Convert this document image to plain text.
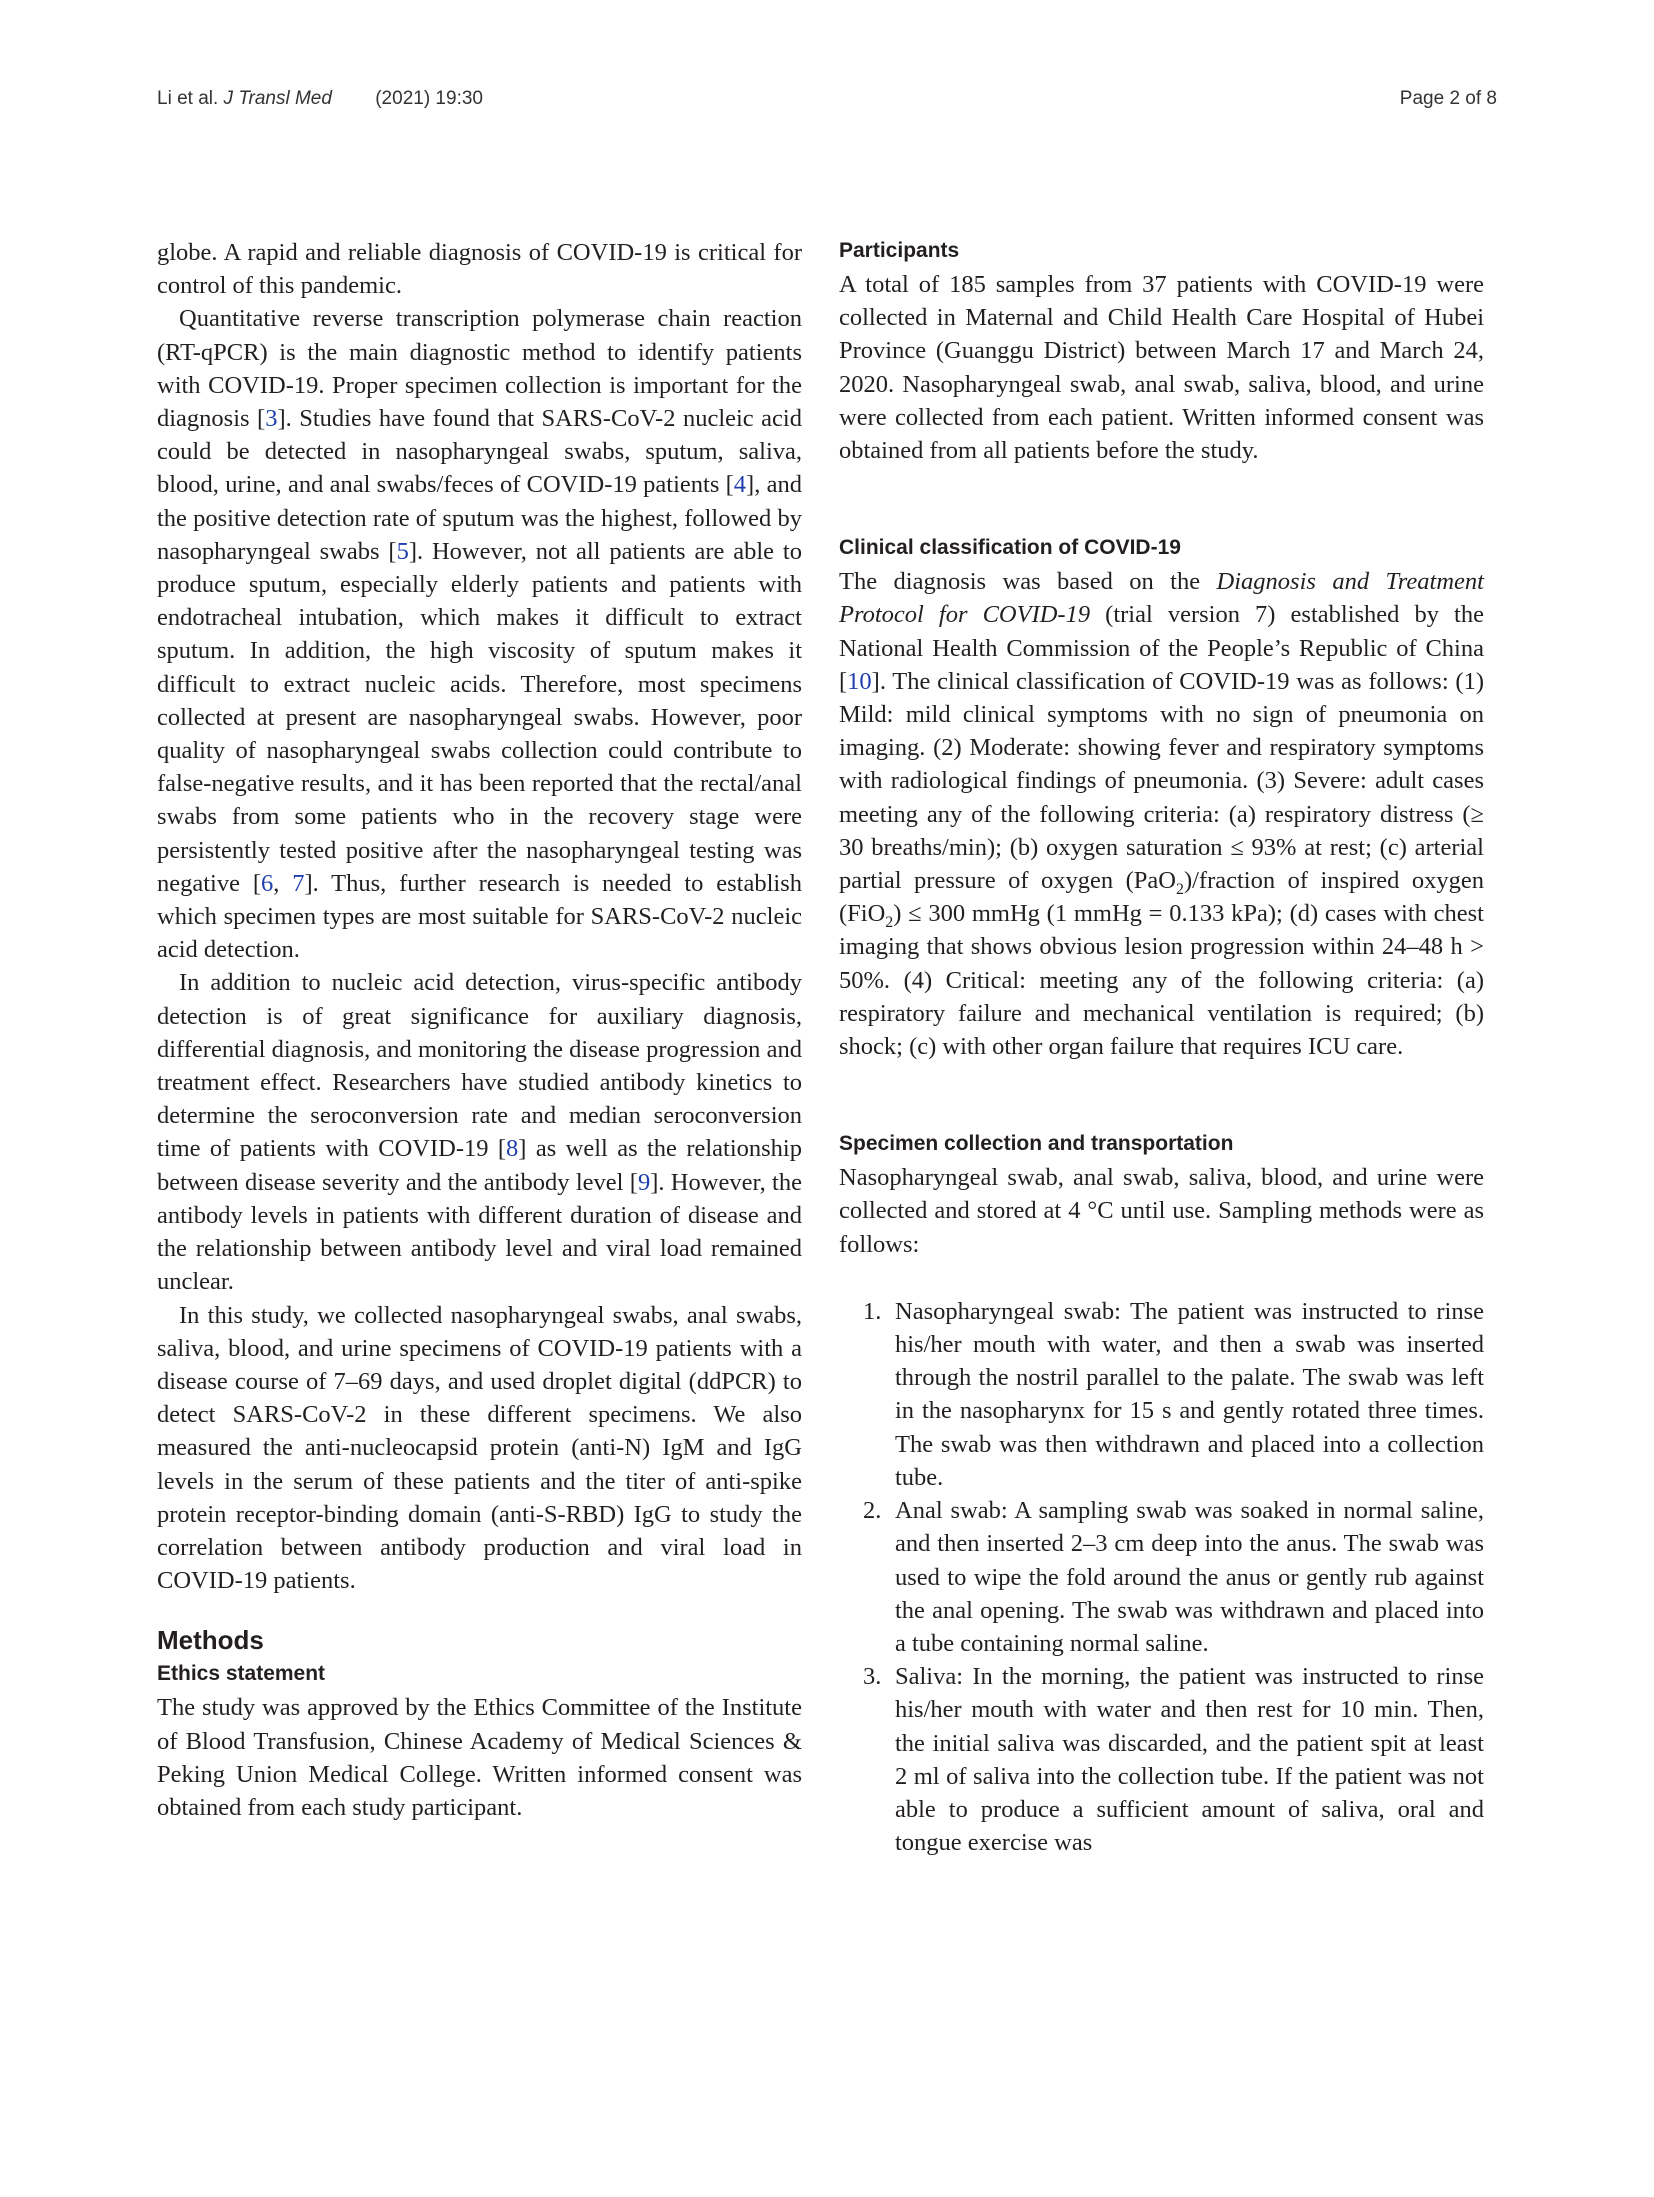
Li et al. J Transl Med (2021) 19:30	Page 2 of 8

globe. A rapid and reliable diagnosis of COVID-19 is critical for control of this pandemic.

Quantitative reverse transcription polymerase chain reaction (RT-qPCR) is the main diagnostic method to identify patients with COVID-19. Proper specimen collection is important for the diagnosis [3]. Studies have found that SARS-CoV-2 nucleic acid could be detected in nasopharyngeal swabs, sputum, saliva, blood, urine, and anal swabs/feces of COVID-19 patients [4], and the positive detection rate of sputum was the highest, followed by nasopharyngeal swabs [5]. However, not all patients are able to produce sputum, especially elderly patients and patients with endotracheal intubation, which makes it difficult to extract sputum. In addition, the high viscosity of sputum makes it difficult to extract nucleic acids. Therefore, most specimens collected at present are nasopharyngeal swabs. However, poor quality of nasopharyngeal swabs collection could contribute to false-negative results, and it has been reported that the rectal/anal swabs from some patients who in the recovery stage were persistently tested positive after the nasopharyngeal testing was negative [6, 7]. Thus, further research is needed to establish which specimen types are most suitable for SARS-CoV-2 nucleic acid detection.

In addition to nucleic acid detection, virus-specific antibody detection is of great significance for auxiliary diagnosis, differential diagnosis, and monitoring the disease progression and treatment effect. Researchers have studied antibody kinetics to determine the seroconversion rate and median seroconversion time of patients with COVID-19 [8] as well as the relationship between disease severity and the antibody level [9]. However, the antibody levels in patients with different duration of disease and the relationship between antibody level and viral load remained unclear.

In this study, we collected nasopharyngeal swabs, anal swabs, saliva, blood, and urine specimens of COVID-19 patients with a disease course of 7–69 days, and used droplet digital (ddPCR) to detect SARS-CoV-2 in these different specimens. We also measured the anti-nucleocapsid protein (anti-N) IgM and IgG levels in the serum of these patients and the titer of anti-spike protein receptor-binding domain (anti-S-RBD) IgG to study the correlation between antibody production and viral load in COVID-19 patients.

Methods
Ethics statement

The study was approved by the Ethics Committee of the Institute of Blood Transfusion, Chinese Academy of Medical Sciences & Peking Union Medical College. Written informed consent was obtained from each study participant.

Participants

A total of 185 samples from 37 patients with COVID-19 were collected in Maternal and Child Health Care Hospital of Hubei Province (Guanggu District) between March 17 and March 24, 2020. Nasopharyngeal swab, anal swab, saliva, blood, and urine were collected from each patient. Written informed consent was obtained from all patients before the study.

Clinical classification of COVID-19

The diagnosis was based on the Diagnosis and Treatment Protocol for COVID-19 (trial version 7) established by the National Health Commission of the People’s Republic of China [10]. The clinical classification of COVID-19 was as follows: (1) Mild: mild clinical symptoms with no sign of pneumonia on imaging. (2) Moderate: showing fever and respiratory symptoms with radiological findings of pneumonia. (3) Severe: adult cases meeting any of the following criteria: (a) respiratory distress (≥ 30 breaths/min); (b) oxygen saturation ≤ 93% at rest; (c) arterial partial pressure of oxygen (PaO$_2$)/fraction of inspired oxygen (FiO$_2$) ≤ 300 mmHg (1 mmHg = 0.133 kPa); (d) cases with chest imaging that shows obvious lesion progression within 24–48 h > 50%. (4) Critical: meeting any of the following criteria: (a) respiratory failure and mechanical ventilation is required; (b) shock; (c) with other organ failure that requires ICU care.

Specimen collection and transportation

Nasopharyngeal swab, anal swab, saliva, blood, and urine were collected and stored at 4 °C until use. Sampling methods were as follows:

1. Nasopharyngeal swab: The patient was instructed to rinse his/her mouth with water, and then a swab was inserted through the nostril parallel to the palate. The swab was left in the nasopharynx for 15 s and gently rotated three times. The swab was then withdrawn and placed into a collection tube.
2. Anal swab: A sampling swab was soaked in normal saline, and then inserted 2–3 cm deep into the anus. The swab was used to wipe the fold around the anus or gently rub against the anal opening. The swab was withdrawn and placed into a tube containing normal saline.
3. Saliva: In the morning, the patient was instructed to rinse his/her mouth with water and then rest for 10 min. Then, the initial saliva was discarded, and the patient spit at least 2 ml of saliva into the collection tube. If the patient was not able to produce a sufficient amount of saliva, oral and tongue exercise was
